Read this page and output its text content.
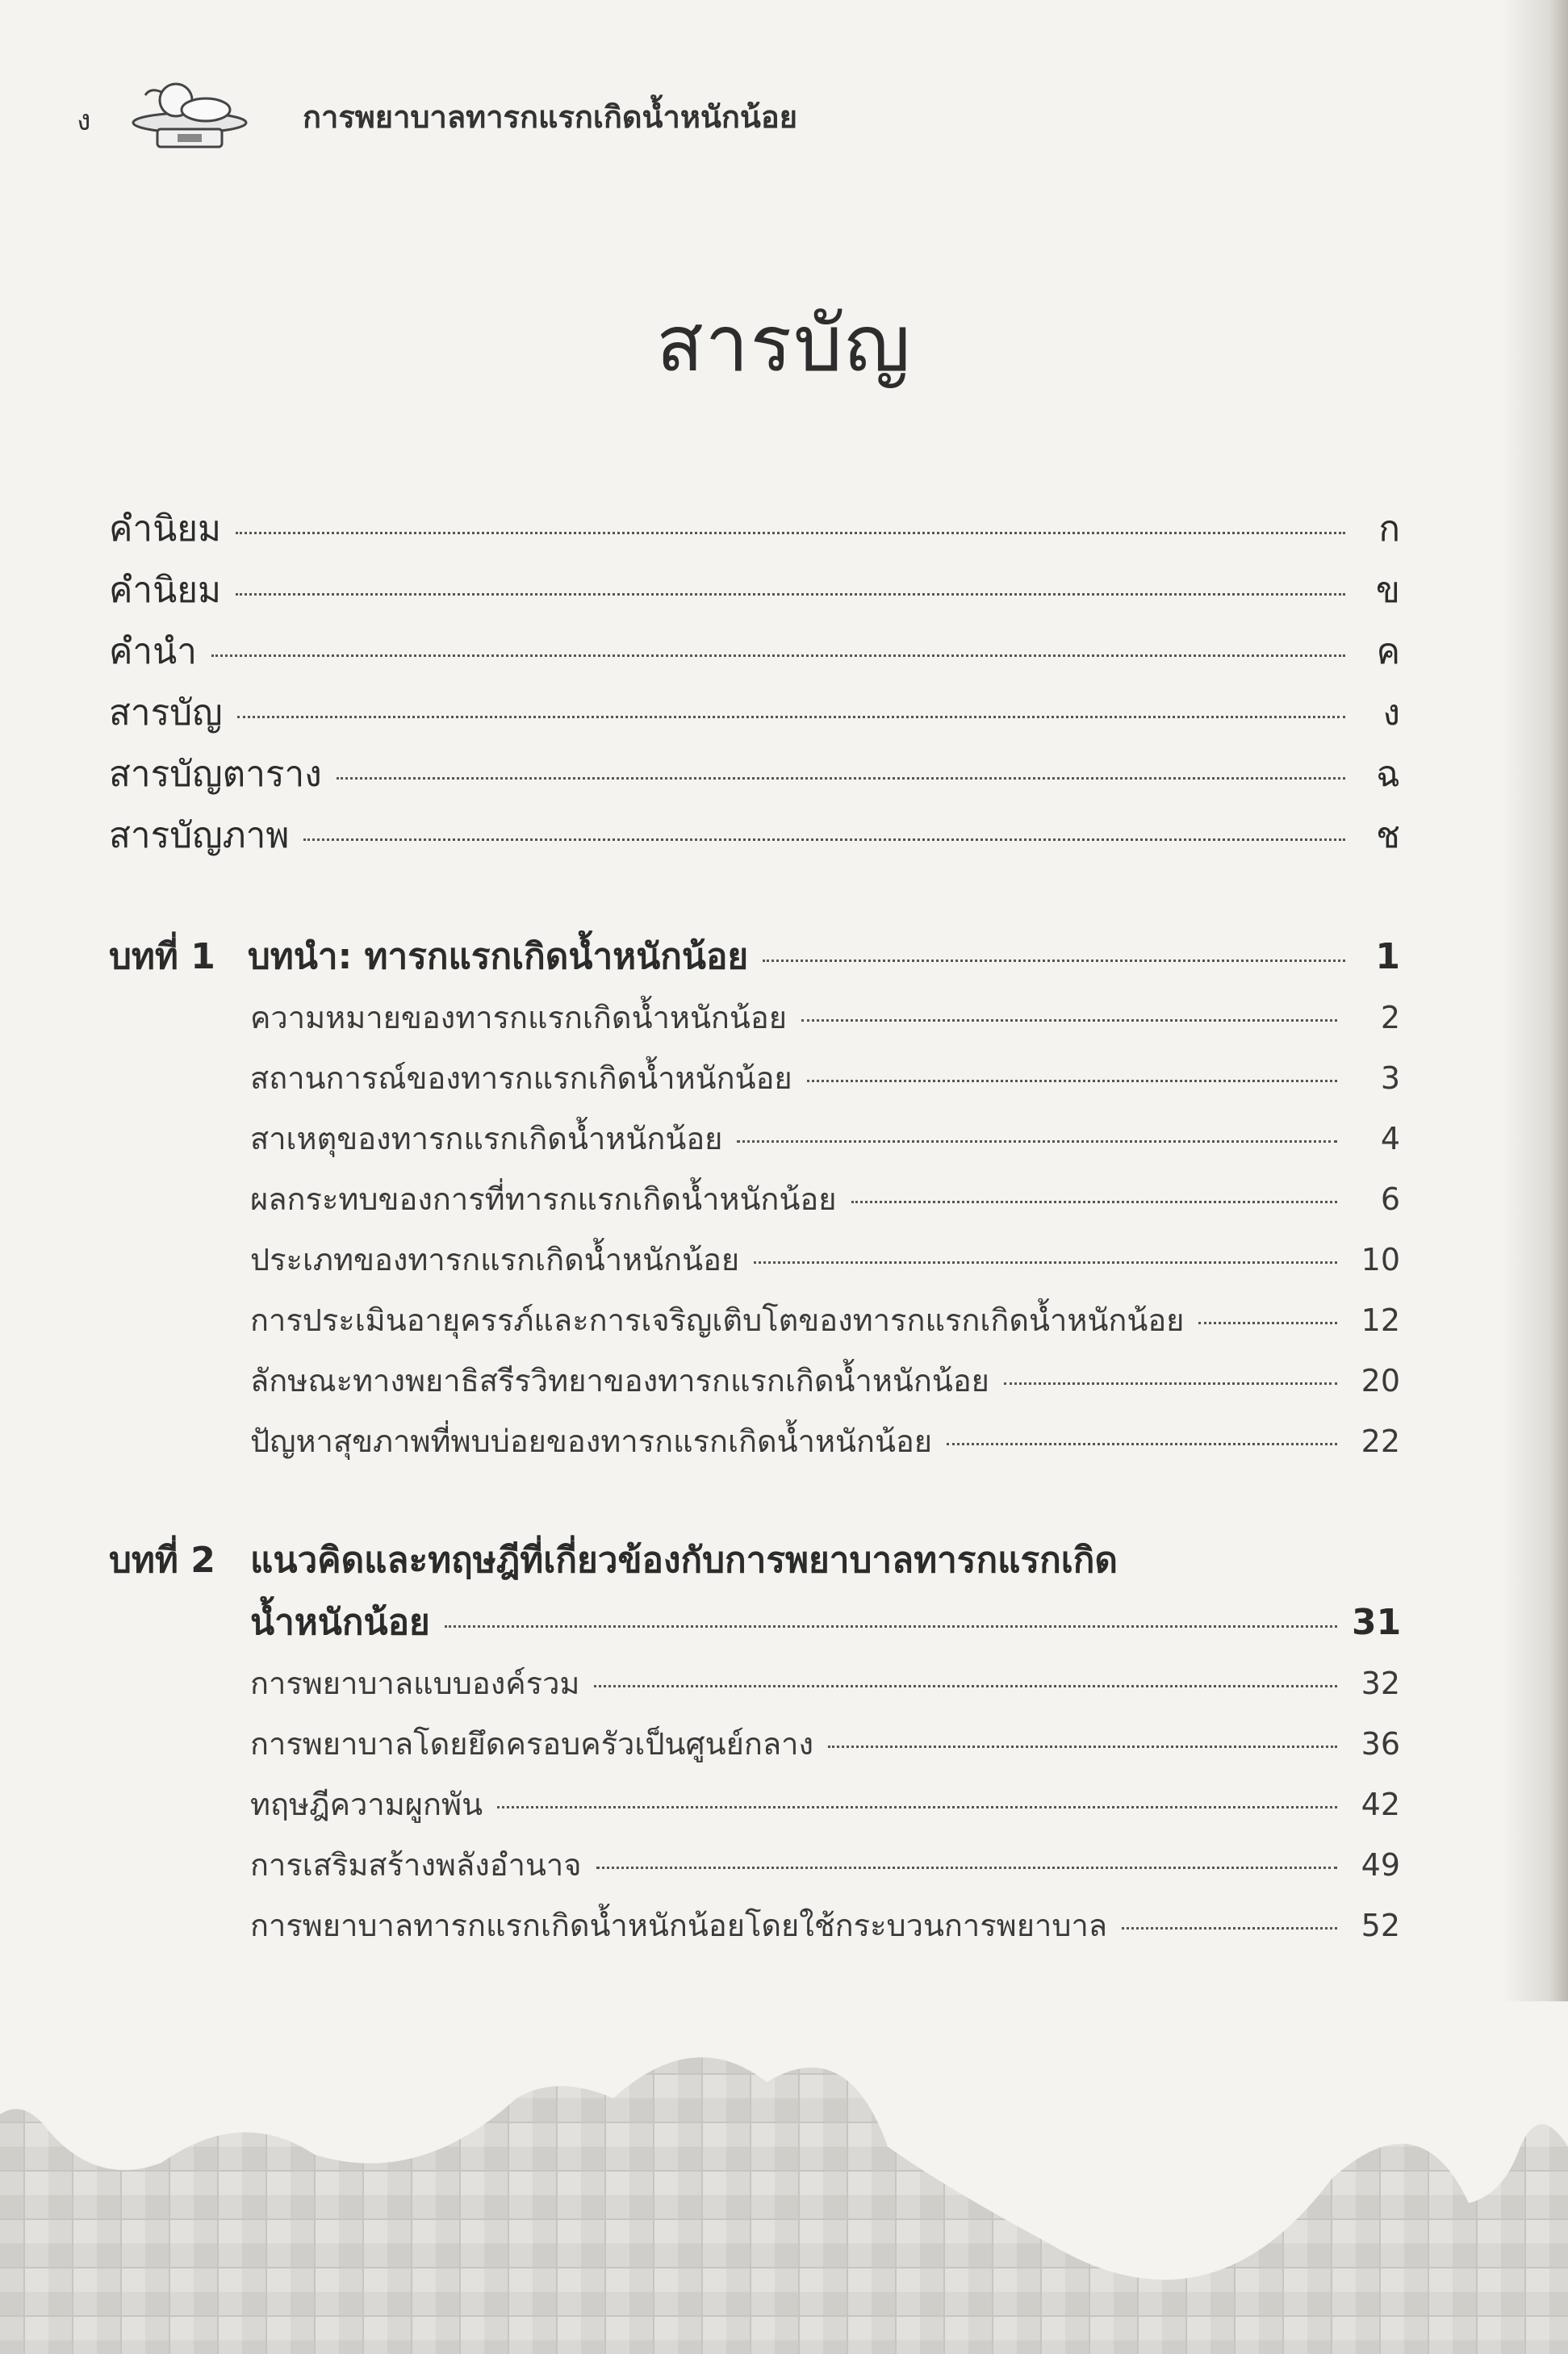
ง	การพยาบาลทารกแรกเกิดน้ำหนักน้อย
สารบัญ
คำนิยม	ก
คำนิยม	ข
คำนำ	ค
สารบัญ	ง
สารบัญตาราง	ฉ
สารบัญภาพ	ช
บทที่ 1 บทนำ: ทารกแรกเกิดน้ำหนักน้อย	1
ความหมายของทารกแรกเกิดน้ำหนักน้อย	2
สถานการณ์ของทารกแรกเกิดน้ำหนักน้อย	3
สาเหตุของทารกแรกเกิดน้ำหนักน้อย	4
ผลกระทบของการที่ทารกแรกเกิดน้ำหนักน้อย	6
ประเภทของทารกแรกเกิดน้ำหนักน้อย	10
การประเมินอายุครรภ์และการเจริญเติบโตของทารกแรกเกิดน้ำหนักน้อย	12
ลักษณะทางพยาธิสรีรวิทยาของทารกแรกเกิดน้ำหนักน้อย	20
ปัญหาสุขภาพที่พบบ่อยของทารกแรกเกิดน้ำหนักน้อย	22
บทที่ 2 แนวคิดและทฤษฎีที่เกี่ยวข้องกับการพยาบาลทารกแรกเกิด
น้ำหนักน้อย	31
การพยาบาลแบบองค์รวม	32
การพยาบาลโดยยึดครอบครัวเป็นศูนย์กลาง	36
ทฤษฎีความผูกพัน	42
การเสริมสร้างพลังอำนาจ	49
การพยาบาลทารกแรกเกิดน้ำหนักน้อยโดยใช้กระบวนการพยาบาล	52
